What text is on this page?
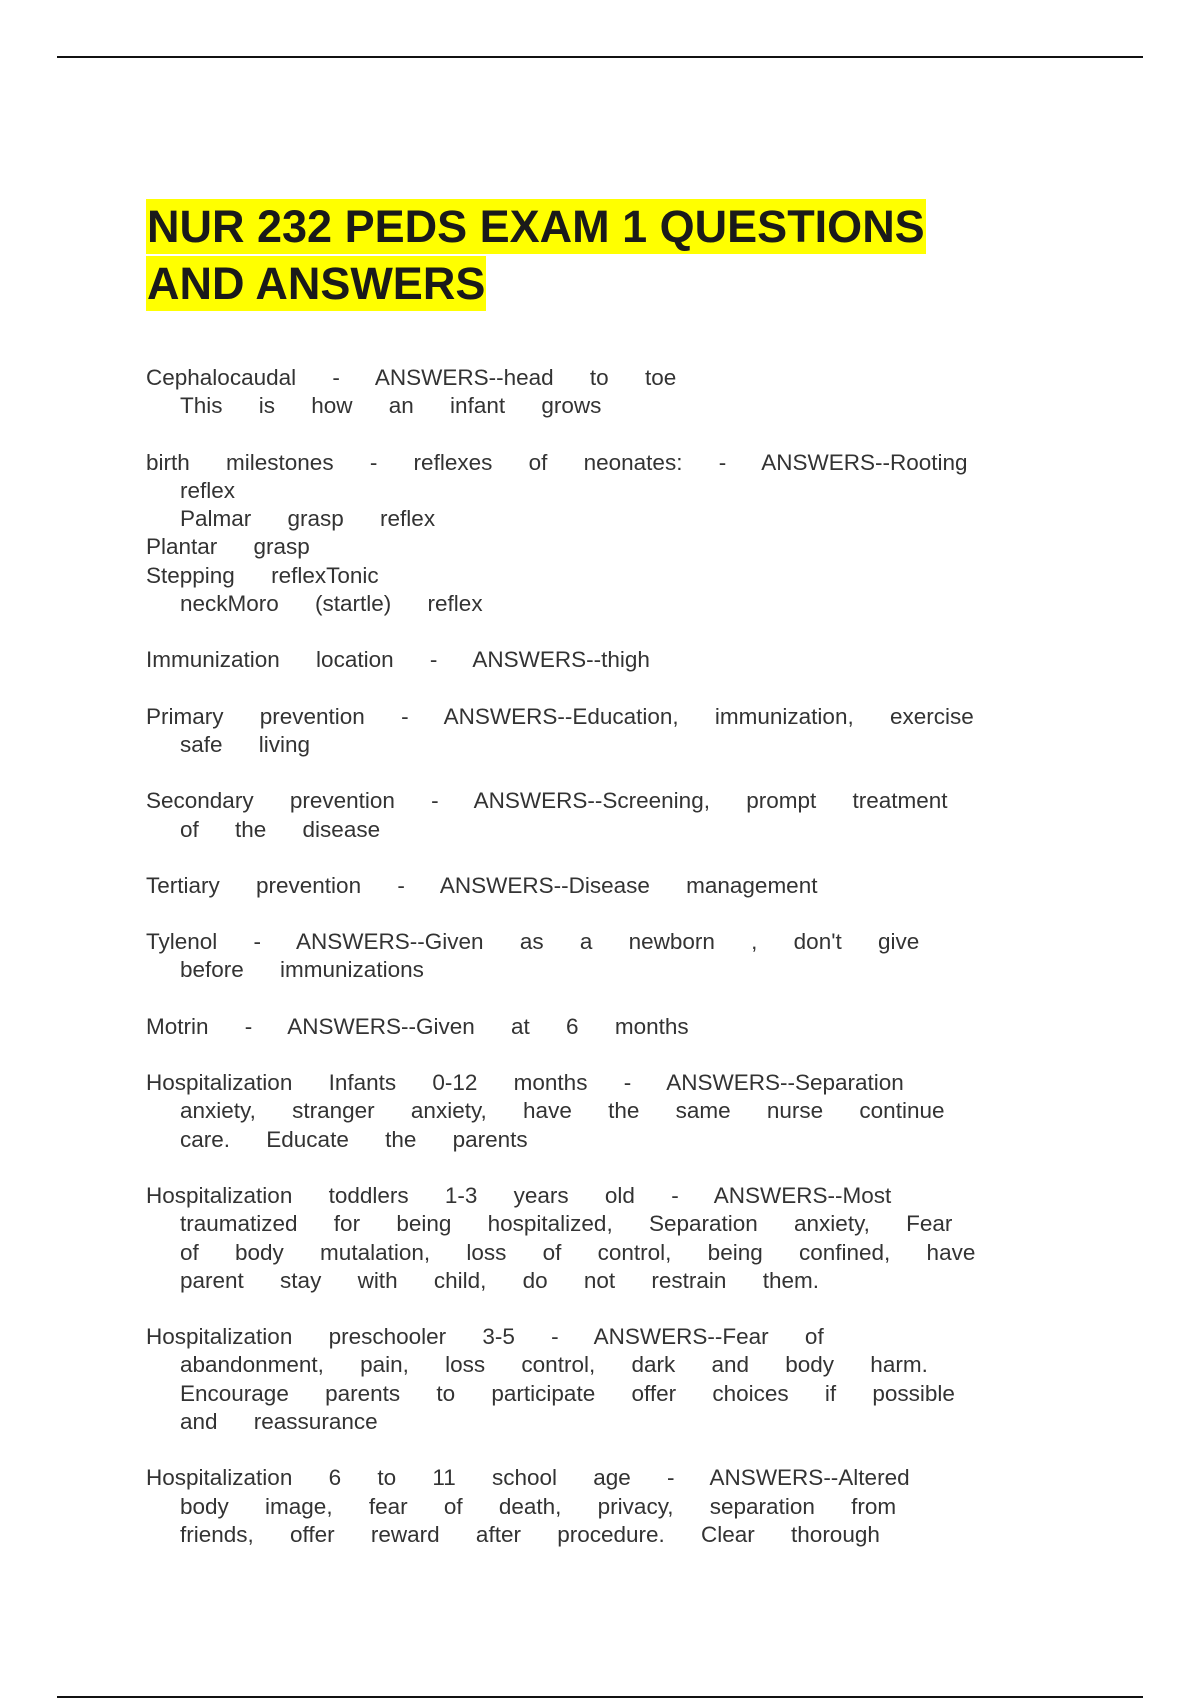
NUR 232 PEDS EXAM 1 QUESTIONS
AND ANSWERS
Cephalocaudal - ANSWERS--head to toe
This is how an infant grows
birth milestones - reflexes of neonates: - ANSWERS--Rooting
reflex
Palmar grasp reflex
Plantar grasp
Stepping reflexTonic
neckMoro (startle) reflex
Immunization location - ANSWERS--thigh
Primary prevention - ANSWERS--Education, immunization, exercise
safe living
Secondary prevention - ANSWERS--Screening, prompt treatment
of the disease
Tertiary prevention - ANSWERS--Disease management
Tylenol - ANSWERS--Given as a newborn , don't give
before immunizations
Motrin - ANSWERS--Given at 6 months
Hospitalization Infants 0-12 months - ANSWERS--Separation
anxiety, stranger anxiety, have the same nurse continue
care. Educate the parents
Hospitalization toddlers 1-3 years old - ANSWERS--Most
traumatized for being hospitalized, Separation anxiety, Fear
of body mutalation, loss of control, being confined, have
parent stay with child, do not restrain them.
Hospitalization preschooler 3-5 - ANSWERS--Fear of
abandonment, pain, loss control, dark and body harm.
Encourage parents to participate offer choices if possible
and reassurance
Hospitalization 6 to 11 school age - ANSWERS--Altered
body image, fear of death, privacy, separation from
friends, offer reward after procedure. Clear thorough
